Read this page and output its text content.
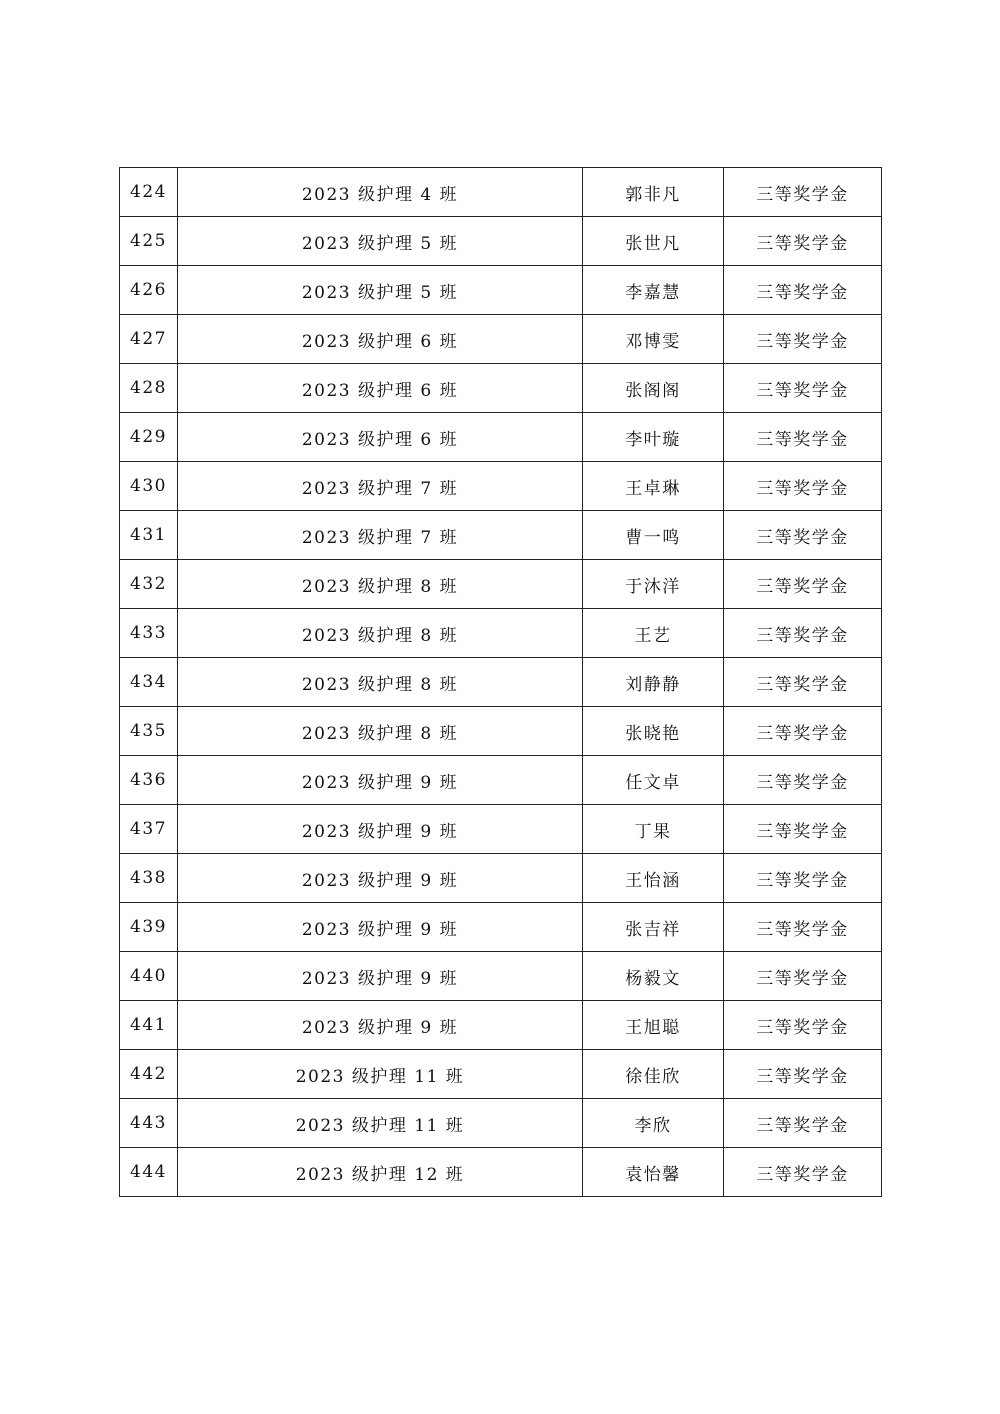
424	2023 级护理 4 班	郭非凡	三等奖学金
425	2023 级护理 5 班	张世凡	三等奖学金
426	2023 级护理 5 班	李嘉慧	三等奖学金
427	2023 级护理 6 班	邓博雯	三等奖学金
428	2023 级护理 6 班	张阁阁	三等奖学金
429	2023 级护理 6 班	李叶璇	三等奖学金
430	2023 级护理 7 班	王卓琳	三等奖学金
431	2023 级护理 7 班	曹一鸣	三等奖学金
432	2023 级护理 8 班	于沐洋	三等奖学金
433	2023 级护理 8 班	王艺	三等奖学金
434	2023 级护理 8 班	刘静静	三等奖学金
435	2023 级护理 8 班	张晓艳	三等奖学金
436	2023 级护理 9 班	任文卓	三等奖学金
437	2023 级护理 9 班	丁果	三等奖学金
438	2023 级护理 9 班	王怡涵	三等奖学金
439	2023 级护理 9 班	张吉祥	三等奖学金
440	2023 级护理 9 班	杨毅文	三等奖学金
441	2023 级护理 9 班	王旭聪	三等奖学金
442	2023 级护理 11 班	徐佳欣	三等奖学金
443	2023 级护理 11 班	李欣	三等奖学金
444	2023 级护理 12 班	袁怡馨	三等奖学金
